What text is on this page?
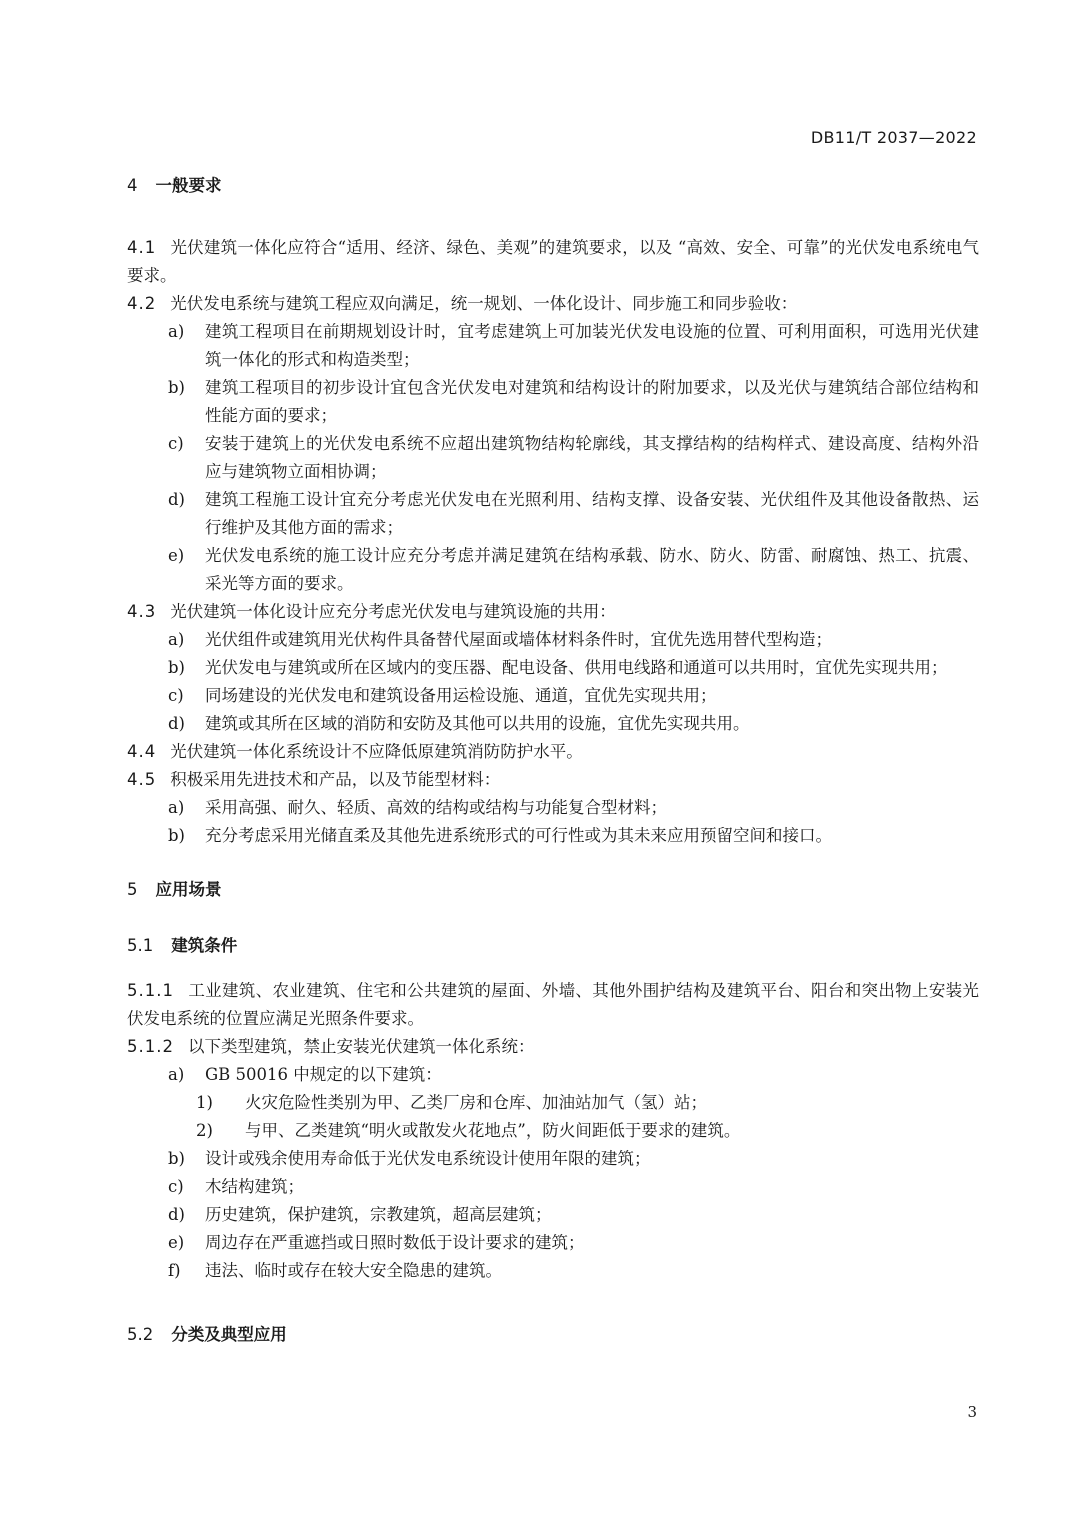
DB11/T 2037—2022
4 一般要求
4.1 光伏建筑一体化应符合“适用、经济、绿色、美观”的建筑要求，以及 “高效、安全、可靠”的光伏发电系统电气要求。
4.2 光伏发电系统与建筑工程应双向满足，统一规划、一体化设计、同步施工和同步验收：
a) 建筑工程项目在前期规划设计时，宜考虑建筑上可加装光伏发电设施的位置、可利用面积，可选用光伏建筑一体化的形式和构造类型；
b) 建筑工程项目的初步设计宜包含光伏发电对建筑和结构设计的附加要求，以及光伏与建筑结合部位结构和性能方面的要求；
c) 安装于建筑上的光伏发电系统不应超出建筑物结构轮廓线，其支撑结构的结构样式、建设高度、结构外沿应与建筑物立面相协调；
d) 建筑工程施工设计宜充分考虑光伏发电在光照利用、结构支撑、设备安装、光伏组件及其他设备散热、运行维护及其他方面的需求；
e) 光伏发电系统的施工设计应充分考虑并满足建筑在结构承载、防水、防火、防雷、耐腐蚀、热工、抗震、采光等方面的要求。
4.3 光伏建筑一体化设计应充分考虑光伏发电与建筑设施的共用：
a) 光伏组件或建筑用光伏构件具备替代屋面或墙体材料条件时，宜优先选用替代型构造；
b) 光伏发电与建筑或所在区域内的变压器、配电设备、供用电线路和通道可以共用时，宜优先实现共用；
c) 同场建设的光伏发电和建筑设备用运检设施、通道，宜优先实现共用；
d) 建筑或其所在区域的消防和安防及其他可以共用的设施，宜优先实现共用。
4.4 光伏建筑一体化系统设计不应降低原建筑消防防护水平。
4.5 积极采用先进技术和产品，以及节能型材料：
a) 采用高强、耐久、轻质、高效的结构或结构与功能复合型材料；
b) 充分考虑采用光储直柔及其他先进系统形式的可行性或为其未来应用预留空间和接口。
5 应用场景
5.1 建筑条件
5.1.1 工业建筑、农业建筑、住宅和公共建筑的屋面、外墙、其他外围护结构及建筑平台、阳台和突出物上安装光伏发电系统的位置应满足光照条件要求。
5.1.2 以下类型建筑，禁止安装光伏建筑一体化系统：
a) GB 50016 中规定的以下建筑：
1) 火灾危险性类别为甲、乙类厂房和仓库、加油站加气（氢）站；
2) 与甲、乙类建筑“明火或散发火花地点”，防火间距低于要求的建筑。
b) 设计或残余使用寿命低于光伏发电系统设计使用年限的建筑；
c) 木结构建筑；
d) 历史建筑，保护建筑，宗教建筑，超高层建筑；
e) 周边存在严重遮挡或日照时数低于设计要求的建筑；
f) 违法、临时或存在较大安全隐患的建筑。
5.2 分类及典型应用
3
